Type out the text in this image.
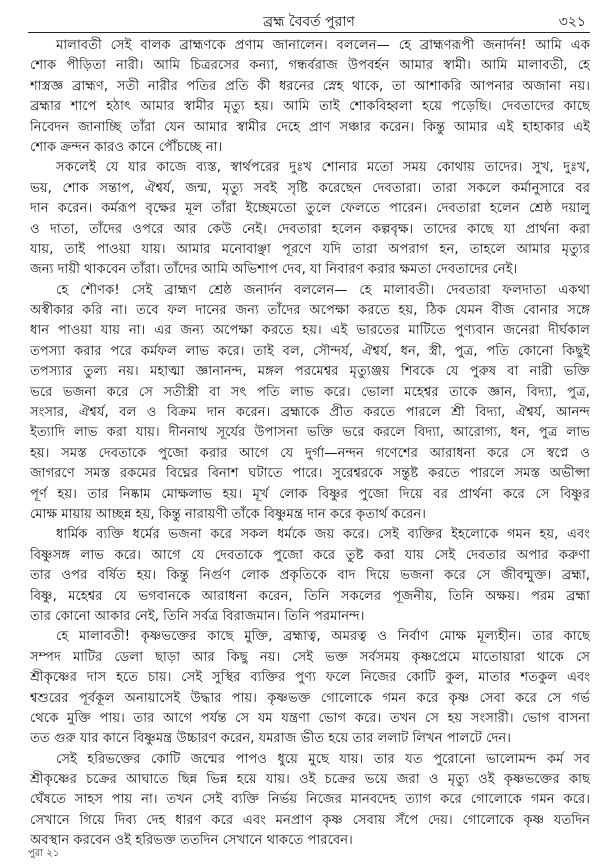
ব্রহ্ম বৈবর্ত পুরাণ	৩২১
মালাবতী সেই বালক ব্রাহ্মণকে প্রণাম জানালেন। বললেন— হে ব্রাহ্মণরূপী জনার্দন! আমি এক
শোক পীড়িতা নারী। আমি চিত্ররসের কন্যা, গন্ধর্বরাজ উপবর্হন আমার স্বামী। আমি মালাবতী, হে
শাস্ত্রজ্ঞ ব্রাহ্মণ, সতী নারীর পতির প্রতি কী ধরনের স্নেহ থাকে, তা আশাকরি আপনার অজানা নয়।
ব্রহ্মার শাপে হঠাৎ আমার স্বামীর মৃত্যু হয়। আমি তাই শোকবিহ্বলা হয়ে পড়েছি। দেবতাদের কাছে
নিবেদন জানাচ্ছি তাঁরা যেন আমার স্বামীর দেহে প্রাণ সঞ্চার করেন। কিন্তু আমার এই হাহাকার এই
শোক ক্রন্দন কারও কানে পৌঁচচ্ছে না।
সকলেই যে যার কাজে ব্যস্ত, স্বার্থপরের দুঃখ শোনার মতো সময় কোথায় তাদের। সুখ, দুঃখ,
ভয়, শোক সন্তাপ, ঐশ্বর্য, জন্ম, মৃত্যু সবই সৃষ্টি করেছেন দেবতারা। তারা সকলে কর্মানুসারে বর
দান করেন। কর্মরূপ বৃক্ষের মূল তাঁরা ইচ্ছেমতো তুলে ফেলতে পারেন। দেবতারা হলেন শ্রেষ্ঠ দয়ালু
ও দাতা, তাঁদের ওপরে আর কেউ নেই। দেবতারা হলেন কল্পবৃক্ষ। তাদের কাছে যা প্রার্থনা করা
যায়, তাই পাওয়া যায়। আমার মনোবাঞ্ছা পূরণে যদি তারা অপরাগ হন, তাহলে আমার মৃত্যুর
জন্য দায়ী থাকবেন তাঁরা। তাঁদের আমি অভিশাপ দেব, যা নিবারণ করার ক্ষমতা দেবতাদের নেই।
হে শৌণক! সেই ব্রাহ্মণ শ্রেষ্ঠ জনার্দন বললেন— হে মালাবতী। দেবতারা ফলদাতা একথা
অস্বীকার করি না। তবে ফল দানের জন্য তাঁদের অপেক্ষা করতে হয়, ঠিক যেমন বীজ বোনার সঙ্গে
ধান পাওয়া যায় না। এর জন্য অপেক্ষা করতে হয়। এই ভারতের মাটিতে পুণ্যবান জনেরা দীর্ঘকাল
তপস্যা করার পরে কর্মফল লাভ করে। তাই বল, সৌন্দর্য, ঐশ্বর্য, ধন, স্ত্রী, পুত্র, পতি কোনো কিছুই
তপস্যার তুল্য নয়। মহাত্মা জ্ঞানানন্দ, মঙ্গল পরমেশ্বর মৃত্যুঞ্জয় শিবকে যে পুরুষ বা নারী ভক্তি
ভরে ভজনা করে সে সতীস্ত্রী বা সৎ পতি লাভ করে। ভোলা মহেশ্বর তাকে জ্ঞান, বিদ্যা, পুত্র,
সংসার, ঐশ্বর্য, বল ও বিক্রম দান করেন। ব্রহ্মাকে প্রীত করতে পারলে শ্রী বিদ্যা, ঐশ্বর্য, আনন্দ
ইত্যাদি লাভ করা যায়। দীননাথ সূর্যের উপাসনা ভক্তি ভরে করলে বিদ্যা, আরোগ্য, ধন, পুত্র লাভ
হয়। সমস্ত দেবতাকে পুজো করার আগে যে দুর্গা—নন্দন গণেশের আরাধনা করে সে স্বপ্নে ও
জাগরণে সমস্ত রকমের বিঘ্নের বিনাশ ঘটাতে পারে। সুরেশ্বরকে সন্তুষ্ট করতে পারলে সমস্ত অভীপ্সা
পূর্ণ হয়। তার নিষ্কাম মোক্ষলাভ হয়। মূর্খ লোক বিষ্ণুর পুজো দিয়ে বর প্রার্থনা করে সে বিষ্ণুর
মোক্ষ মায়ায় আচ্ছন্ন হয়, কিন্তু নারায়ণী তাঁকে বিষ্ণুমন্ত্র দান করে কৃতার্থ করেন।
ধার্মিক ব্যক্তি ধর্মের ভজনা করে সকল ধর্মকে জয় করে। সেই ব্যক্তির ইহলোকে গমন হয়, এবং
বিষ্ণুসঙ্গ লাভ করে। আগে যে দেবতাকে পুজো করে তুষ্ট করা যায় সেই দেবতার অপার করুণা
তার ওপর বর্ষিত হয়। কিন্তু নির্গুণ লোক প্রকৃতিকে বাদ দিয়ে ভজনা করে সে জীবন্মুক্ত। ব্রহ্মা,
বিষ্ণু, মহেশ্বর যে ভগবানকে আরাধনা করেন, তিনি সকলের পূজনীয়, তিনি অক্ষয়। পরম ব্রহ্মা
তার কোনো আকার নেই, তিনি সর্বত্র বিরাজমান। তিনি পরমানন্দ।
হে মালাবতী! কৃষ্ণভক্তের কাছে মুক্তি, ব্রহ্মাত্ব, অমরত্ব ও নির্বাণ মোক্ষ মূল্যহীন। তার কাছে
সম্পদ মাটির ডেলা ছাড়া আর কিছু নয়। সেই ভক্ত সর্বসময় কৃষ্ণপ্রেমে মাতোয়ারা থাকে সে
শ্রীকৃষ্ণের দাস হতে চায়। সেই সুস্থির ব্যক্তির পুণ্য ফলে নিজের কোটি কুল, মাতার শতকুল এবং
শ্বশুরের পূর্বকূল অনায়াসেই উদ্ধার পায়। কৃষ্ণভক্ত গোলোকে গমন করে কৃষ্ণ সেবা করে সে গর্ভ
থেকে মুক্তি পায়। তার আগে পর্যন্ত সে যম যন্ত্রণা ভোগ করে। তখন সে হয় সংসারী। ভোগ বাসনা
তত গুরু যার কানে বিষ্ণুমন্ত্র উচ্চারণ করেন, যমরাজ ভীত হয়ে তার ললাট লিখন পালটে দেন।
সেই হরিভক্তের কোটি জন্মের পাপও ধুয়ে মুছে যায়। তার যত পুরোনো ভালোমন্দ কর্ম সব
শ্রীকৃষ্ণের চক্রের আঘাতে ছিন্ন ভিন্ন হয়ে যায়। ওই চক্রের ভয়ে জরা ও মৃত্যু ওই কৃষ্ণভক্তের কাছ
ঘেঁষতে সাহস পায় না। তখন সেই ব্যক্তি নির্ভয় নিজের মানবদেহ ত্যাগ করে গোলোকে গমন করে।
সেখানে গিয়ে দিব্য দেহ ধারণ করে এবং মনপ্রাণ কৃষ্ণ সেবায় সঁপে দেয়। গোলোকে কৃষ্ণ যতদিন
অবস্থান করবেন ওই হরিভক্ত ততদিন সেখানে থাকতে পারবেন।
পুরা ২১
